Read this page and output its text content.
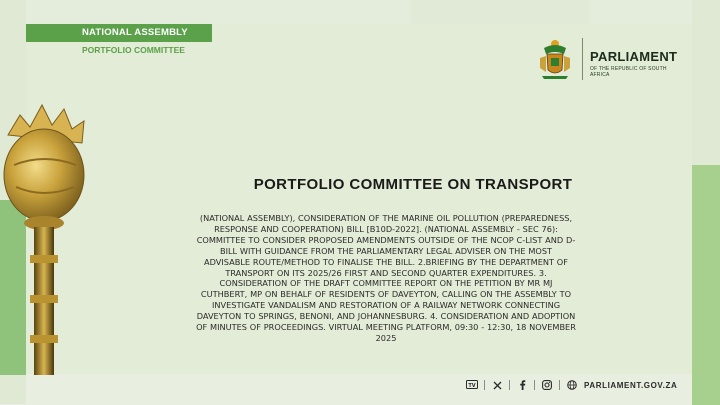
NATIONAL ASSEMBLY
PORTFOLIO COMMITTEE	PARLIAMENT
OF THE REPUBLIC OF SOUTH AFRICA
PORTFOLIO COMMITTEE ON TRANSPORT
(NATIONAL ASSEMBLY), CONSIDERATION OF THE MARINE OIL POLLUTION (PREPAREDNESS, RESPONSE AND COOPERATION) BILL [B10D-2022]. (NATIONAL ASSEMBLY - SEC 76): COMMITTEE TO CONSIDER PROPOSED AMENDMENTS OUTSIDE OF THE NCOP C-LIST AND D-BILL WITH GUIDANCE FROM THE PARLIAMENTARY LEGAL ADVISER ON THE MOST ADVISABLE ROUTE/METHOD TO FINALISE THE BILL. 2.BRIEFING BY THE DEPARTMENT OF TRANSPORT ON ITS 2025/26 FIRST AND SECOND QUARTER EXPENDITURES. 3. CONSIDERATION OF THE DRAFT COMMITTEE REPORT ON THE PETITION BY MR MJ CUTHBERT, MP ON BEHALF OF RESIDENTS OF DAVEYTON, CALLING ON THE ASSEMBLY TO INVESTIGATE VANDALISM AND RESTORATION OF A RAILWAY NETWORK CONNECTING DAVEYTON TO SPRINGS, BENONI, AND JOHANNESBURG. 4. CONSIDERATION AND ADOPTION OF MINUTES OF PROCEEDINGS. VIRTUAL MEETING PLATFORM, 09:30 - 12:30, 18 NOVEMBER 2025
TV	PARLIAMENT.GOV.ZA
